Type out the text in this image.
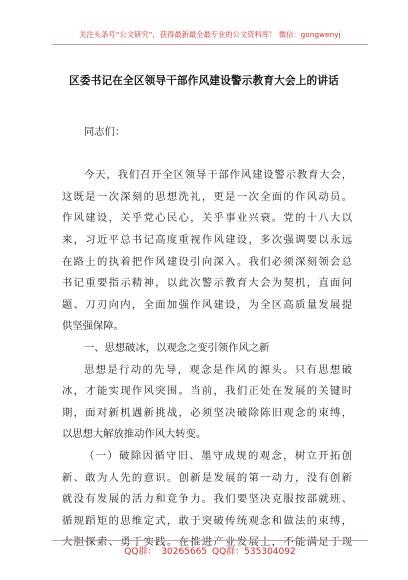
关注头条号“公文研究”，获得最新最全最专业的公文资料库！ 微信：gongwenyj
区委书记在全区领导干部作风建设警示教育大会上的讲话
同志们：
今天，我们召开全区领导干部作风建设警示教育大会，
这既是一次深刻的思想洗礼，更是一次全面的作风动员。
作风建设，关乎党心民心，关乎事业兴衰。党的十八大以
来，习近平总书记高度重视作风建设，多次强调要以永远
在路上的执着把作风建设引向深入。我们必须深刻领会总
书记重要指示精神，以此次警示教育大会为契机，直面问
题、刀刃向内，全面加强作风建设，为全区高质量发展提
供坚强保障。
一、思想破冰，以观念之变引领作风之新
思想是行动的先导，观念是作风的源头。只有思想破
冰，才能实现作风突围。当前，我们正处在发展的关键时
期，面对新机遇新挑战，必须坚决破除陈旧观念的束缚，
以思想大解放推动作风大转变。
（一）破除因循守旧、墨守成规的观念，树立开拓创
新、敢为人先的意识。创新是发展的第一动力，没有创新
就没有发展的活力和竞争力。我们要坚决克服按部就班、
循规蹈矩的思维定式，敢于突破传统观念和做法的束缚，
大胆探索、勇于实践。在推进产业发展上，不能满足于现
QQ群： 30265665 QQ群：535304092
